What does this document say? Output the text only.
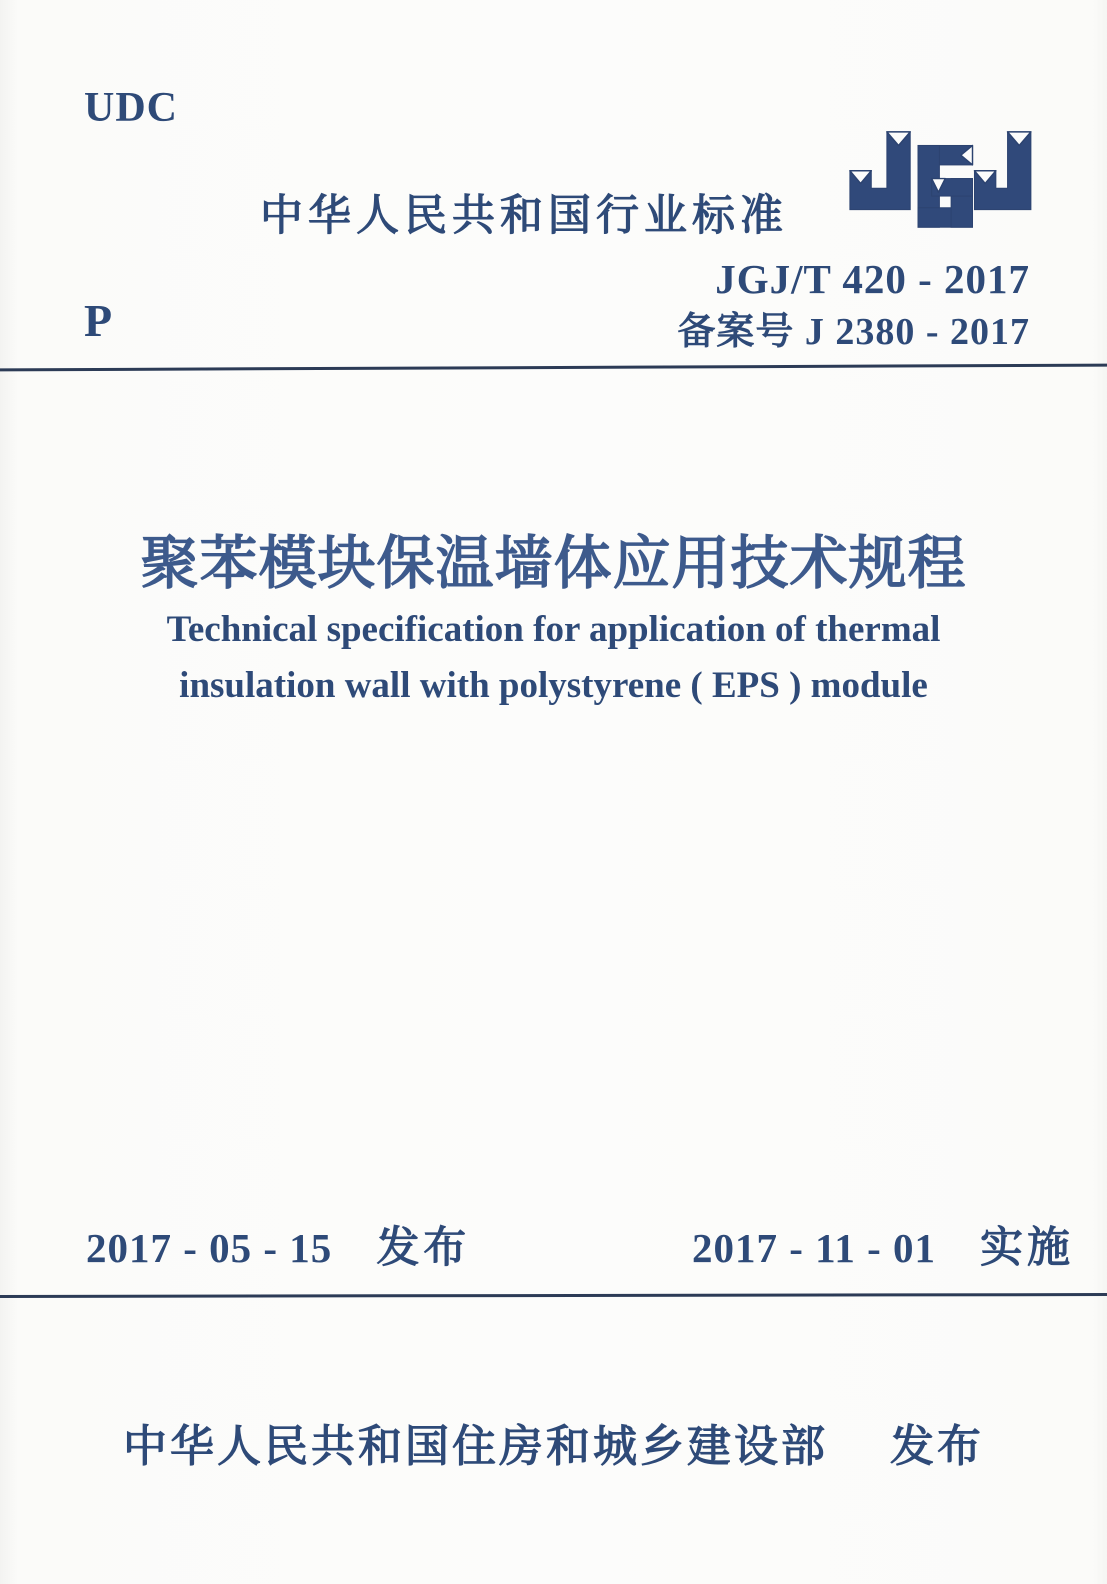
UDC
中华人民共和国行业标准
JGJ/T 420 - 2017
备案号 J 2380 - 2017
P
聚苯模块保温墙体应用技术规程
Technical specification for application of thermal
insulation wall with polystyrene ( EPS ) module
2017 - 05 - 15 发布	2017 - 11 - 01 实施
中华人民共和国住房和城乡建设部 发布
